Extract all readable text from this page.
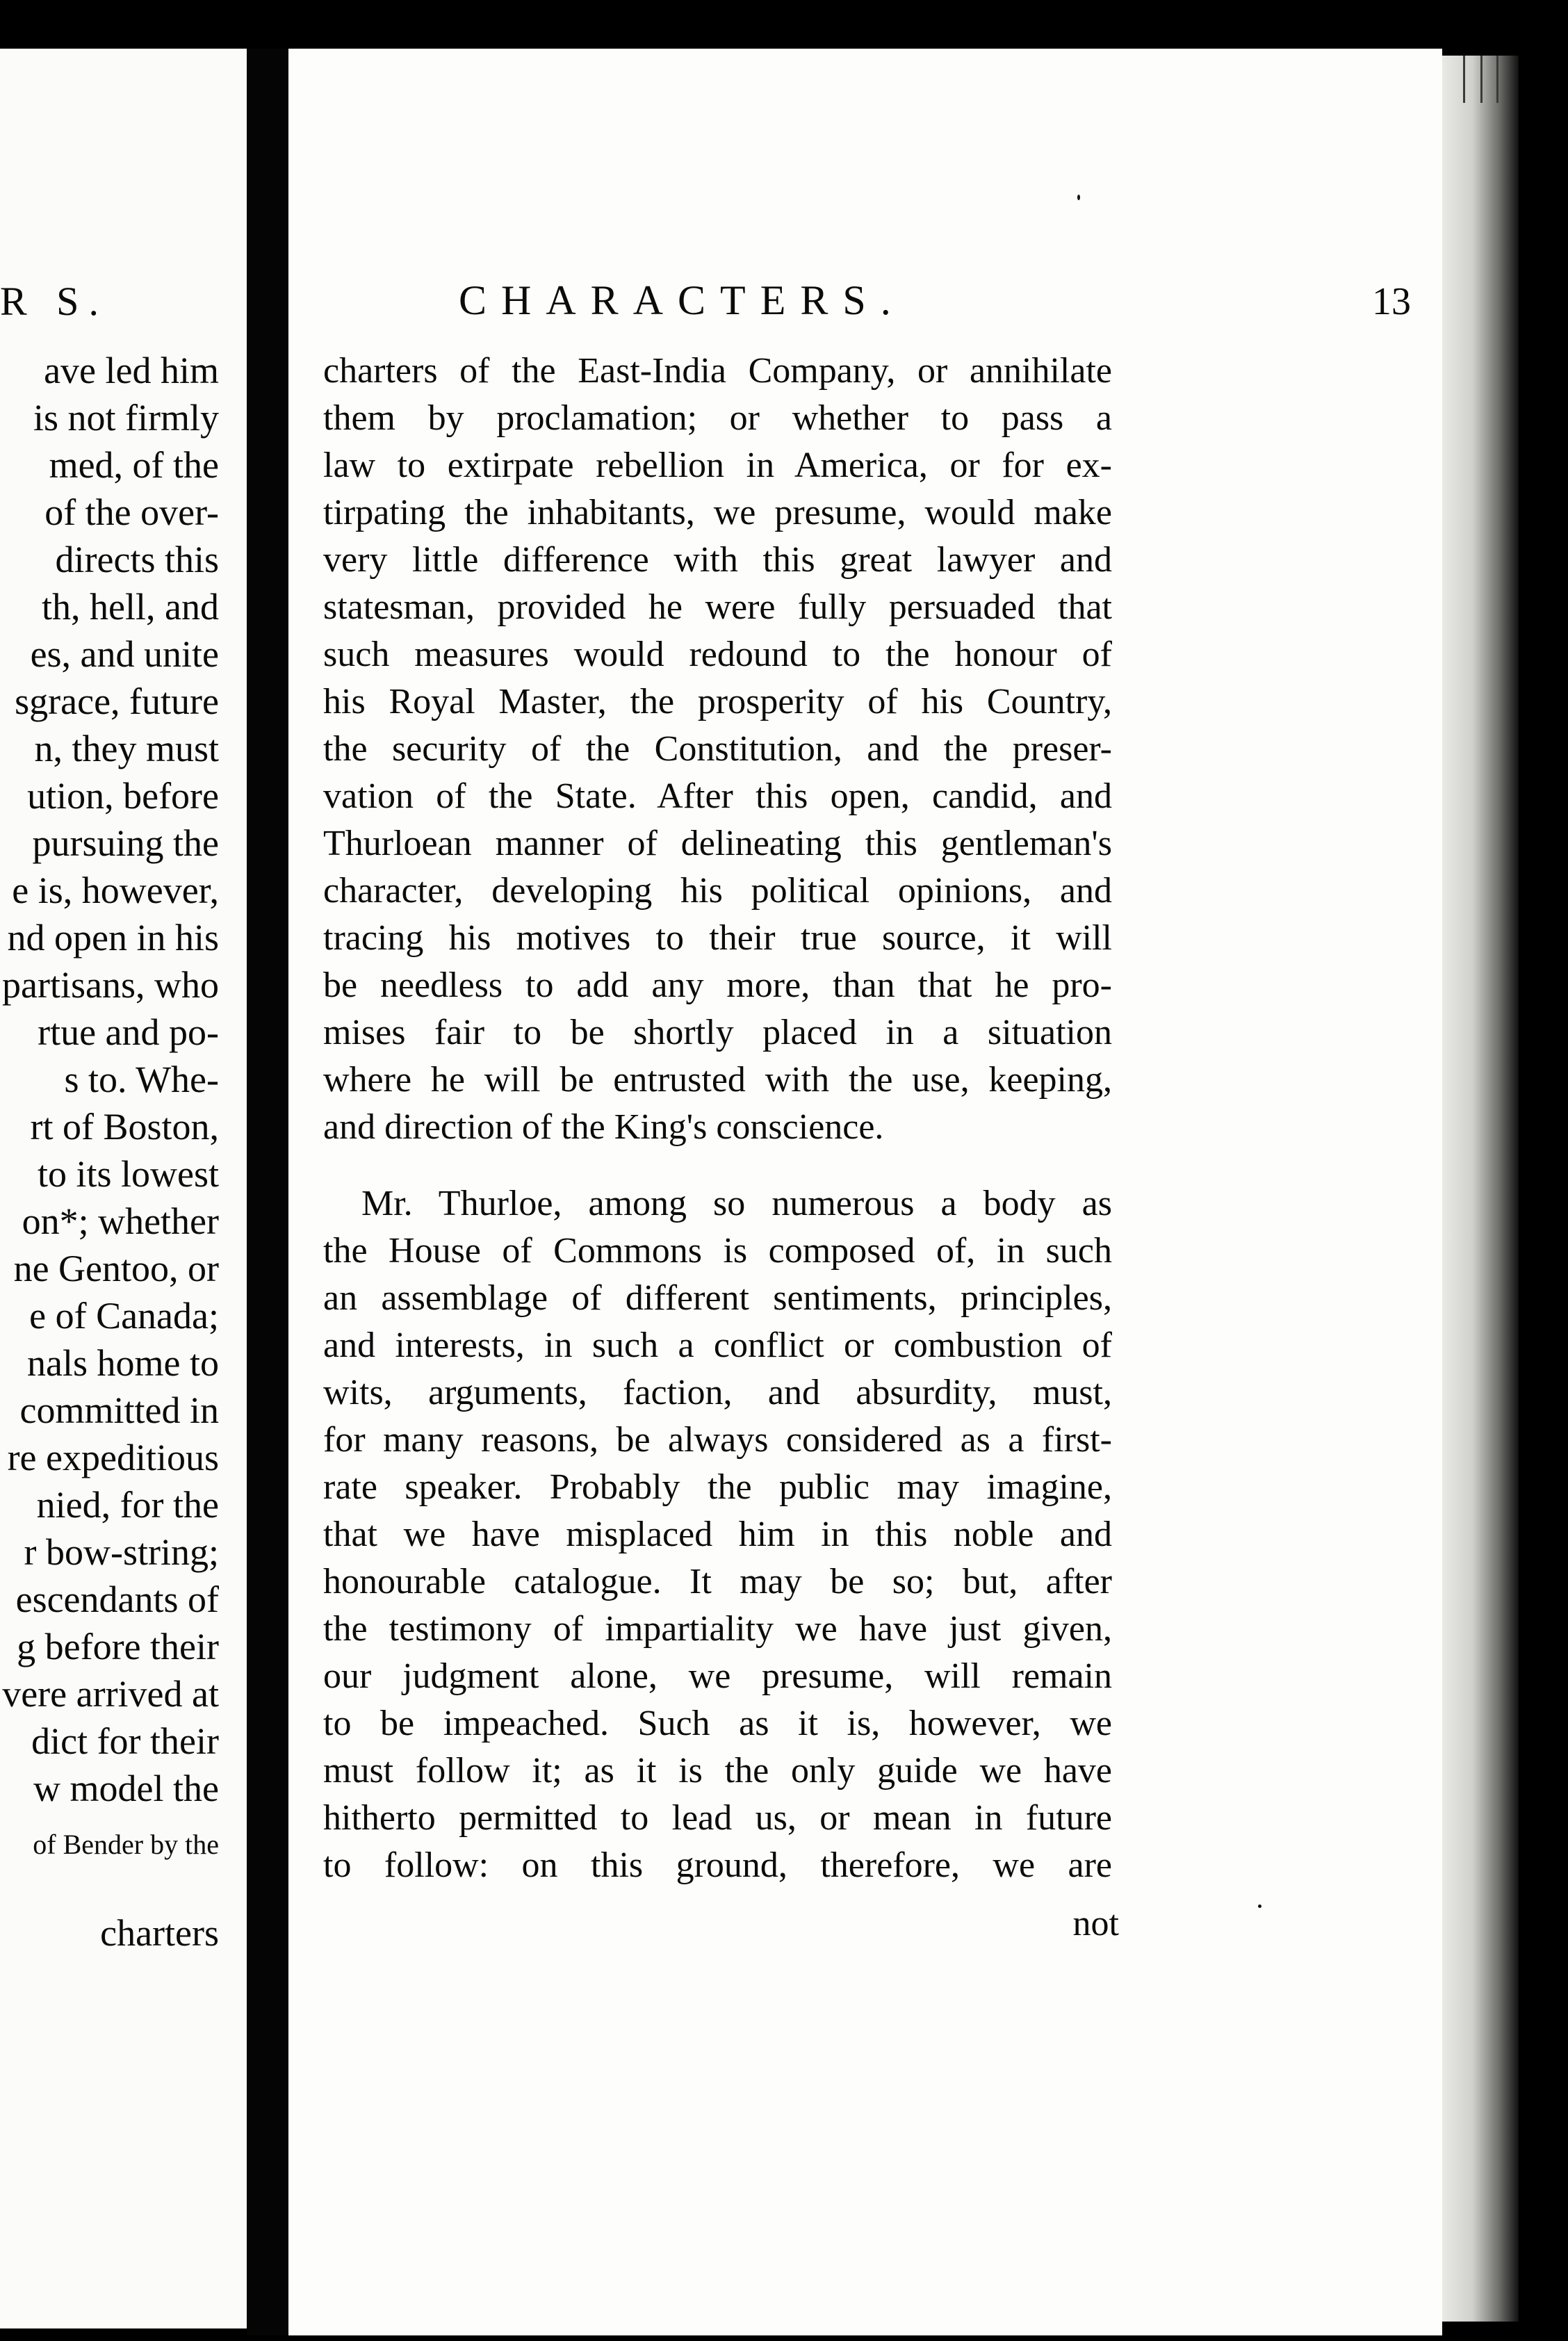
R S.
ave led him
is not firmly
med, of the
of the over-
directs this
th, hell, and
es, and unite
sgrace, future
n, they must
ution, before
pursuing the
e is, however,
nd open in his
partisans, who
rtue and po-
s to. Whe-
rt of Boston,
to its lowest
on*; whether
ne Gentoo, or
e of Canada;
nals home to
committed in
re expeditious
nied, for the
r bow-string;
escendants of
g before their
vere arrived at
dict for their
w model the
of Bender by the
charters
CHARACTERS.	13
charters of the East-India Company, or annihilate
them by proclamation; or whether to pass a
law to extirpate rebellion in America, or for ex-
tirpating the inhabitants, we presume, would make
very little difference with this great lawyer and
statesman, provided he were fully persuaded that
such measures would redound to the honour of
his Royal Master, the prosperity of his Country,
the security of the Constitution, and the preser-
vation of the State. After this open, candid, and
Thurloean manner of delineating this gentleman's
character, developing his political opinions, and
tracing his motives to their true source, it will
be needless to add any more, than that he pro-
mises fair to be shortly placed in a situation
where he will be entrusted with the use, keeping,
and direction of the King's conscience.
Mr. Thurloe, among so numerous a body as
the House of Commons is composed of, in such
an assemblage of different sentiments, principles,
and interests, in such a conflict or combustion of
wits, arguments, faction, and absurdity, must,
for many reasons, be always considered as a first-
rate speaker. Probably the public may imagine,
that we have misplaced him in this noble and
honourable catalogue. It may be so; but, after
the testimony of impartiality we have just given,
our judgment alone, we presume, will remain
to be impeached. Such as it is, however, we
must follow it; as it is the only guide we have
hitherto permitted to lead us, or mean in future
to follow: on this ground, therefore, we are
not
